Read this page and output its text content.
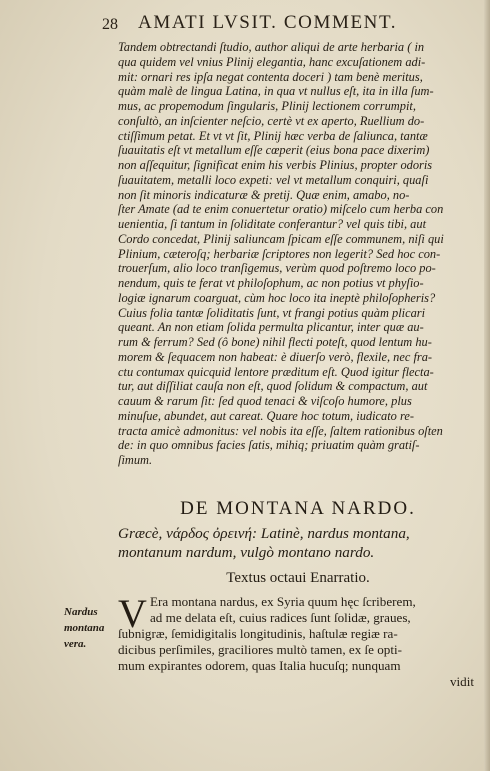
28 AMATI LVSIT. COMMENT.
Tandem obtrectandi ſtudio, author aliqui de arte herbaria ( in
qua quidem vel vnius Plinij elegantia, hanc excuſationem adi-
mit: ornari res ipſa negat contenta doceri ) tam benè meritus,
quàm malè de lingua Latina, in qua vt nullus eſt, ita in illa ſum-
mus, ac propemodum ſingularis, Plinij lectionem corrumpit,
conſultò, an inſcienter neſcio, certè vt ex aperto, Ruellium do-
ctiſſimum petat. Et vt vt ſit, Plinij hæc verba de ſaliunca, tantæ
ſuauitatis eſt vt metallum eſſe cœperit (eius bona pace dixerim)
non aſſequitur, ſignificat enim his verbis Plinius, propter odoris
ſuauitatem, metalli loco expeti: vel vt metallum conquiri, quaſi
non ſit minoris indicaturæ & pretij. Quæ enim, amabo, no-
ſter Amate (ad te enim conuertetur oratio) miſcelo cum herba con
uenientia, ſi tantum in ſoliditate conferantur? vel quis tibi, aut
Cordo concedat, Plinij saliuncam ſpicam eſſe communem, niſi qui
Plinium, cæteroſq; herbariæ ſcriptores non legerit? Sed hoc con-
trouerſum, alio loco tranſigemus, verùm quod poſtremo loco po-
nendum, quis te ferat vt philoſophum, ac non potius vt phyſio-
logiæ ignarum coarguat, cùm hoc loco ita ineptè philoſopheris?
Cuius folia tantæ ſoliditatis ſunt, vt frangi potius quàm plicari
queant. An non etiam ſolida permulta plicantur, inter quæ au-
rum & ferrum? Sed (ô bone) nihil flecti poteſt, quod lentum hu-
morem & ſequacem non habeat: è diuerſo verò, flexile, nec fra-
ctu contumax quicquid lentore præditum eſt. Quod igitur flecta-
tur, aut diſſiliat cauſa non eſt, quod ſolidum & compactum, aut
cauum & rarum ſit: ſed quod tenaci & viſcoſo humore, plus
minuſue, abundet, aut careat. Quare hoc totum, iudicato re-
tracta amicè admonitus: vel nobis ita eſſe, ſaltem rationibus oſten
de: in quo omnibus facies ſatis, mihiq; priuatim quàm gratiſ-
ſimum.
DE MONTANA NARDO.
Græcè, νάρδος ὀρεινή: Latinè, nardus montana,
montanum nardum, vulgò montano nardo.
Textus octaui Enarratio.
Nardus
montana
vera.
V Era montana nardus, ex Syria quum hęc ſcriberem,
ad me delata eſt, cuius radices ſunt ſolidæ, graues,
ſubnigræ, ſemidigitalis longitudinis, haſtulæ regiæ ra-
dicibus perſimiles, graciliores multò tamen, ex ſe opti-
mum expirantes odorem, quas Italia hucuſq; nunquam
vidit
